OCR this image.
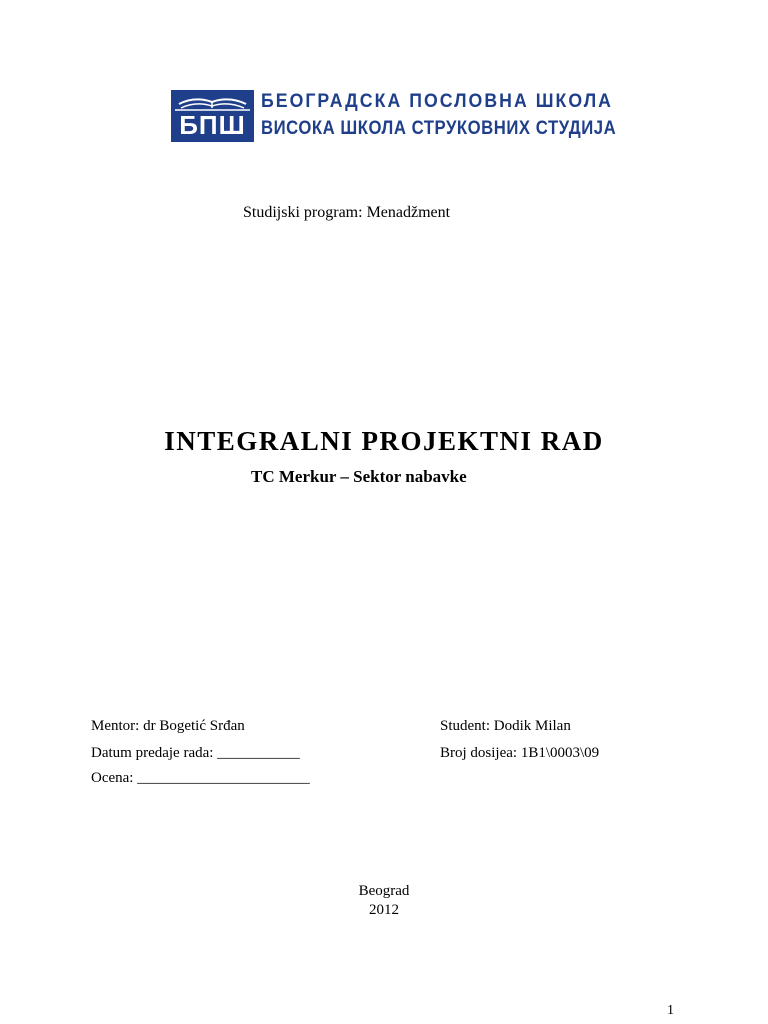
БПШ
БЕОГРАДСКА ПОСЛОВНА ШКОЛА
ВИСОКА ШКОЛА СТРУКОВНИХ СТУДИЈА
Studijski program: Menadžment
INTEGRALNI PROJEKTNI RAD
TC Merkur – Sektor nabavke
Mentor: dr Bogetić Srđan
Datum predaje rada: ___________
Ocena: _______________________
Student: Dodik Milan
Broj dosijea: 1B1\0003\09
Beograd
2012
1
